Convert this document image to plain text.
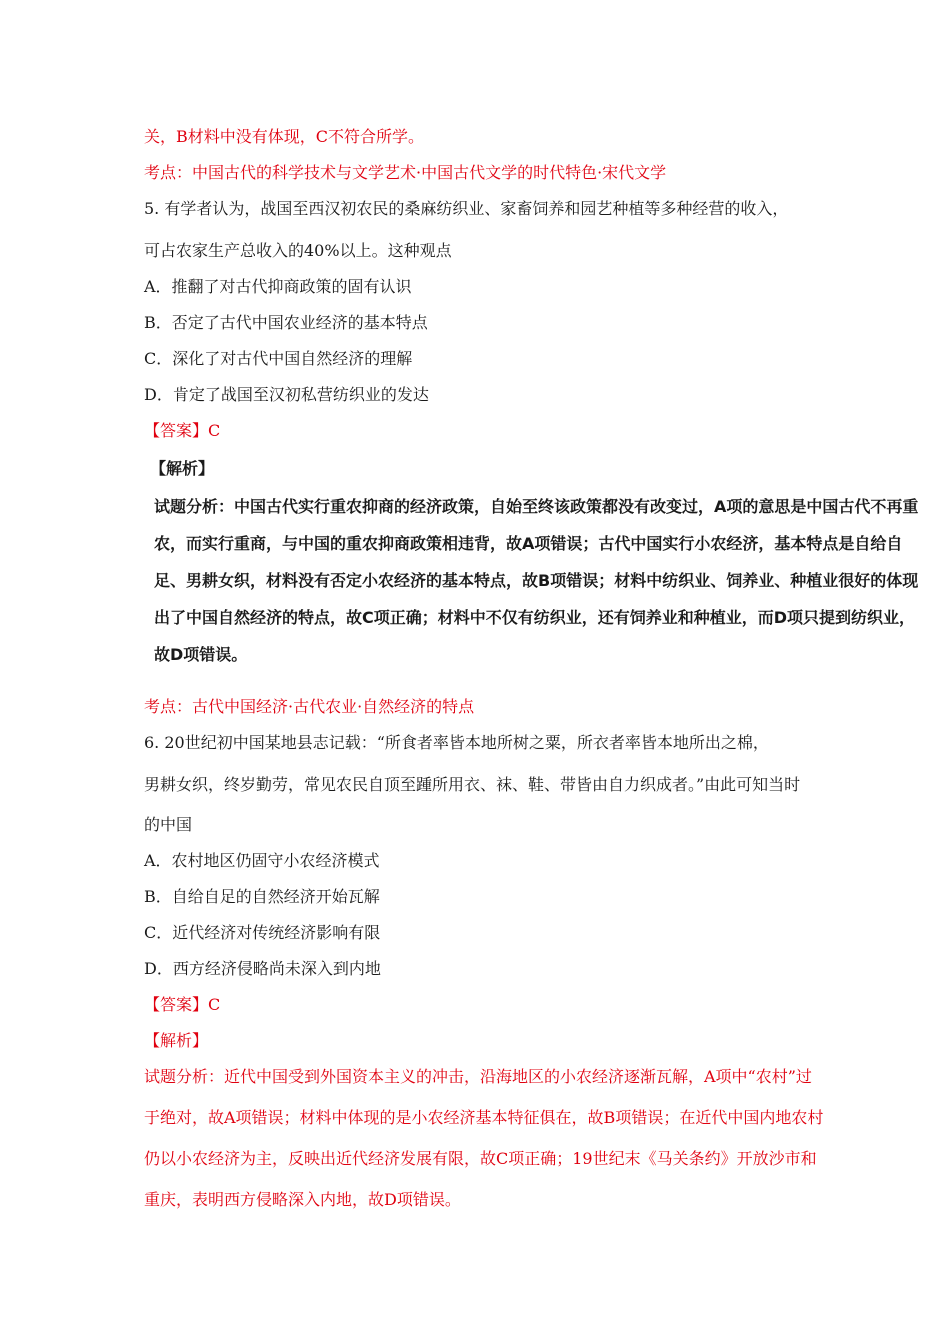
关，B材料中没有体现，C不符合所学。
考点：中国古代的科学技术与文学艺术·中国古代文学的时代特色·宋代文学
5. 有学者认为，战国至西汉初农民的桑麻纺织业、家畜饲养和园艺种植等多种经营的收入，
可占农家生产总收入的40%以上。这种观点
A．推翻了对古代抑商政策的固有认识
B．否定了古代中国农业经济的基本特点
C．深化了对古代中国自然经济的理解
D．肯定了战国至汉初私营纺织业的发达
【答案】C
【解析】
试题分析：中国古代实行重农抑商的经济政策，自始至终该政策都没有改变过，A项的意思是中国古代不再重农，而实行重商，与中国的重农抑商政策相违背，故A项错误；古代中国实行小农经济，基本特点是自给自足、男耕女织，材料没有否定小农经济的基本特点，故B项错误；材料中纺织业、饲养业、种植业很好的体现出了中国自然经济的特点，故C项正确；材料中不仅有纺织业，还有饲养业和种植业，而D项只提到纺织业，故D项错误。
考点：古代中国经济·古代农业·自然经济的特点
6. 20世纪初中国某地县志记载：“所食者率皆本地所树之粟，所衣者率皆本地所出之棉，
男耕女织，终岁勤劳，常见农民自顶至踵所用衣、袜、鞋、带皆由自力织成者。”由此可知当时
的中国
A．农村地区仍固守小农经济模式
B．自给自足的自然经济开始瓦解
C．近代经济对传统经济影响有限
D．西方经济侵略尚未深入到内地
【答案】C
【解析】
试题分析：近代中国受到外国资本主义的冲击，沿海地区的小农经济逐渐瓦解，A项中“农村”过于绝对，故A项错误；材料中体现的是小农经济基本特征俱在，故B项错误；在近代中国内地农村仍以小农经济为主，反映出近代经济发展有限，故C项正确；19世纪末《马关条约》开放沙市和重庆，表明西方侵略深入内地，故D项错误。
